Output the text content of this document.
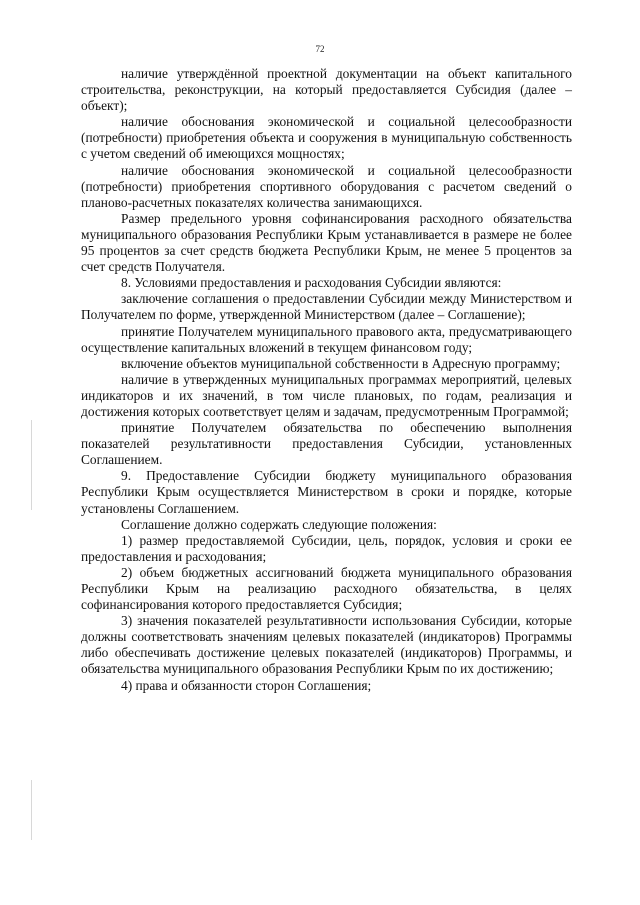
72

наличие утверждённой проектной документации на объект капитального строительства, реконструкции, на который предоставляется Субсидия (далее – объект);

наличие обоснования экономической и социальной целесообразности (потребности) приобретения объекта и сооружения в муниципальную собственность с учетом сведений об имеющихся мощностях;

наличие обоснования экономической и социальной целесообразности (потребности) приобретения спортивного оборудования с расчетом сведений о планово-расчетных показателях количества занимающихся.

Размер предельного уровня софинансирования расходного обязательства муниципального образования Республики Крым устанавливается в размере не более 95 процентов за счет средств бюджета Республики Крым, не менее 5 процентов за счет средств Получателя.

8. Условиями предоставления и расходования Субсидии являются:

заключение соглашения о предоставлении Субсидии между Министерством и Получателем по форме, утвержденной Министерством (далее – Соглашение);

принятие Получателем муниципального правового акта, предусматривающего осуществление капитальных вложений в текущем финансовом году;

включение объектов муниципальной собственности в Адресную программу;

наличие в утвержденных муниципальных программах мероприятий, целевых индикаторов и их значений, в том числе плановых, по годам, реализация и достижения которых соответствует целям и задачам, предусмотренным Программой;

принятие Получателем обязательства по обеспечению выполнения показателей результативности предоставления Субсидии, установленных Соглашением.

9. Предоставление Субсидии бюджету муниципального образования Республики Крым осуществляется Министерством в сроки и порядке, которые установлены Соглашением.

Соглашение должно содержать следующие положения:

1) размер предоставляемой Субсидии, цель, порядок, условия и сроки ее предоставления и расходования;

2) объем бюджетных ассигнований бюджета муниципального образования Республики Крым на реализацию расходного обязательства, в целях софинансирования которого предоставляется Субсидия;

3) значения показателей результативности использования Субсидии, которые должны соответствовать значениям целевых показателей (индикаторов) Программы либо обеспечивать достижение целевых показателей (индикаторов) Программы, и обязательства муниципального образования Республики Крым по их достижению;

4) права и обязанности сторон Соглашения;
